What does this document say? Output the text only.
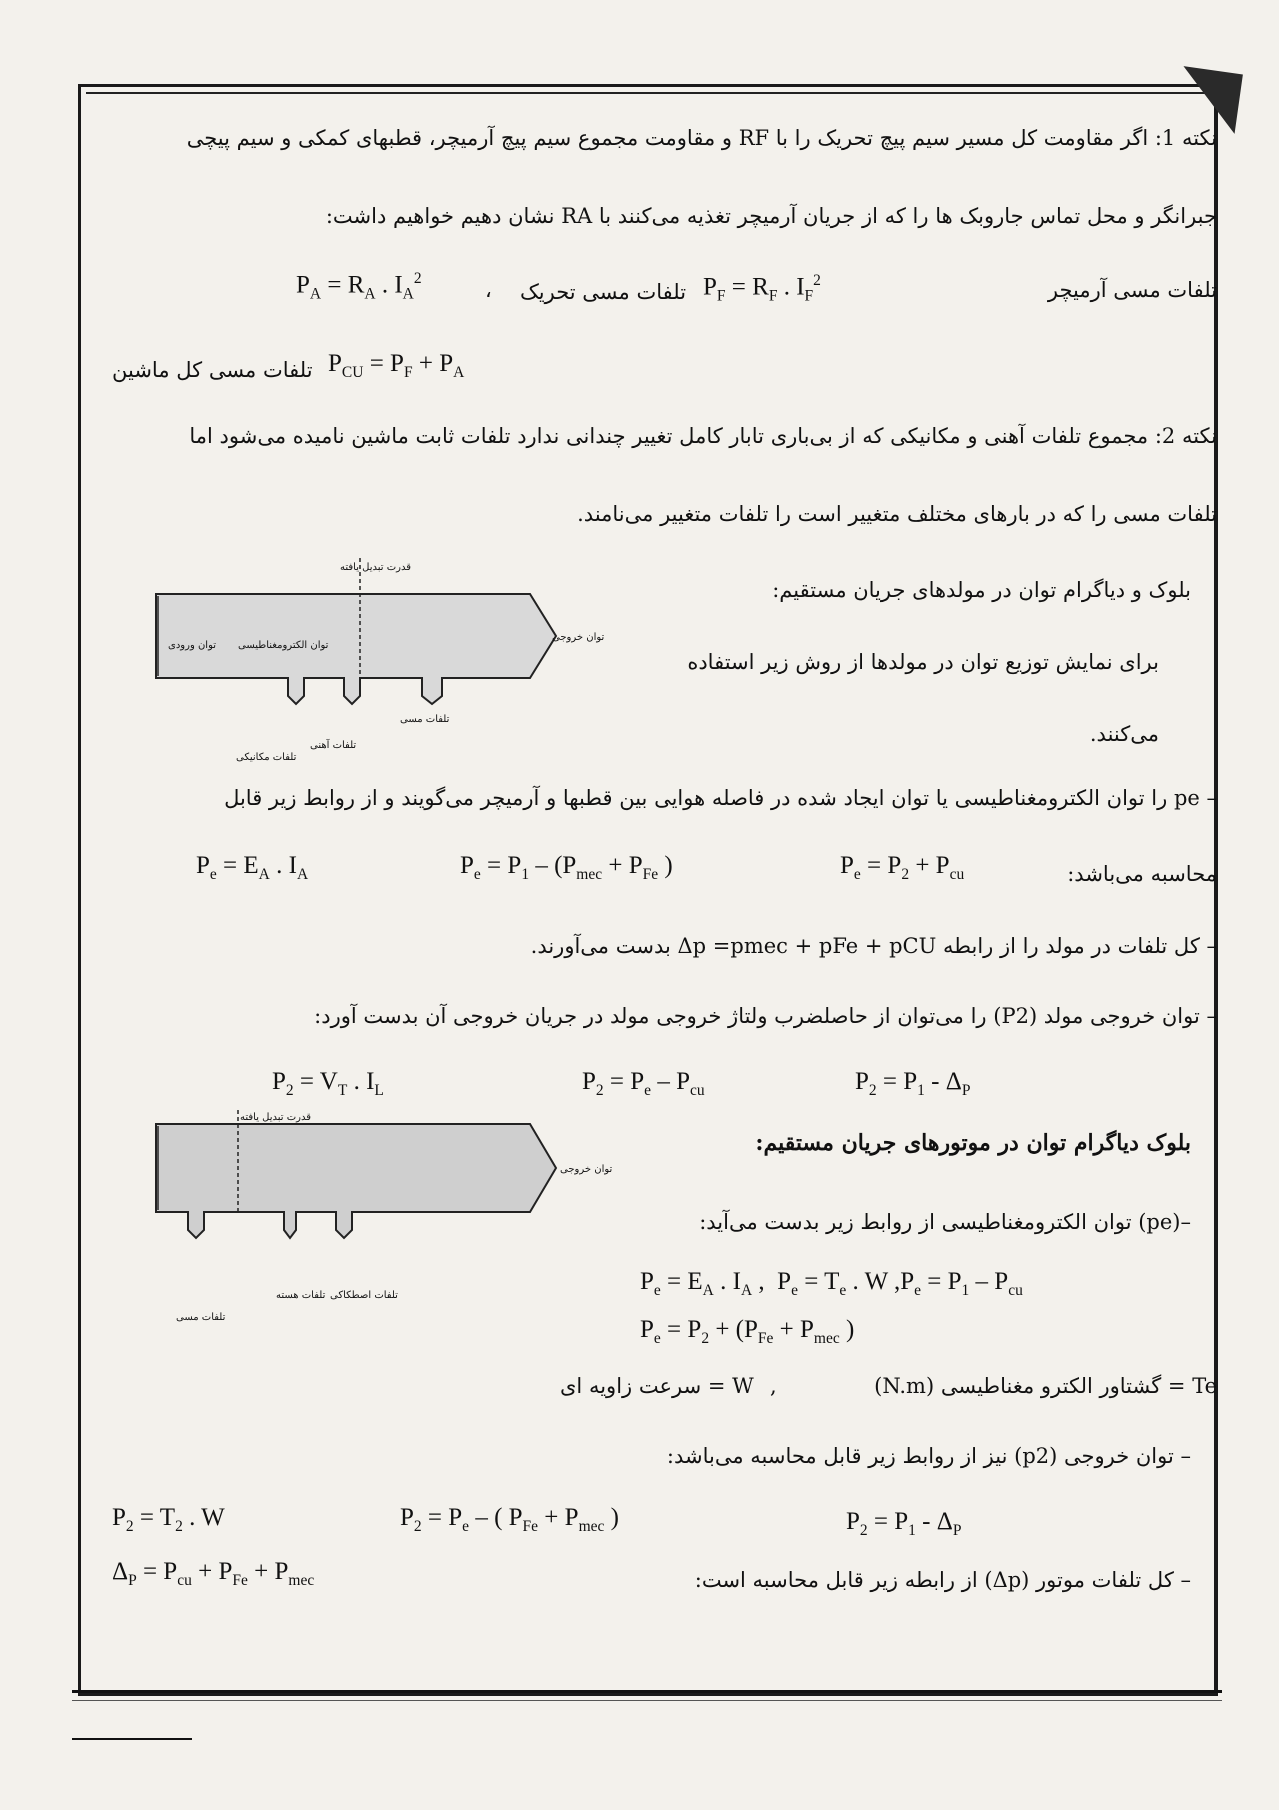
نکته 1: اگر مقاومت کل مسیر سیم پیچ تحریک را با RF و مقاومت مجموع سیم پیچ آرمیچر، قطبهای کمکی و سیم پیچی
جبرانگر و محل تماس جاروبک ها را که از جریان آرمیچر تغذیه می‌کنند با RA نشان دهیم خواهیم داشت:
تلفات مسی آرمیچر
$P_A = R_A$ . $I_A^2$	، تلفات مسی تحریک $P_F = R_F$ . $I_F^2$
تلفات مسی کل ماشین $P_{CU} = P_F + P_A$
نکته 2: مجموع تلفات آهنی و مکانیکی که از بی‌باری تابار کامل تغییر چندانی ندارد تلفات ثابت ماشین نامیده می‌شود اما
تلفات مسی را که در بارهای مختلف متغییر است را تلفات متغییر می‌نامند.
قدرت تبدیل یافته
توان ورودی توان الکترومغناطیسی
توان خروجی
تلفات مسی
تلفات آهنی
تلفات مکانیکی
بلوک و دیاگرام توان در مولدهای جریان مستقیم:
برای نمایش توزیع توان در مولدها از روش زیر استفاده
می‌کنند.
– pe را توان الکترومغناطیسی یا توان ایجاد شده در فاصله هوایی بین قطبها و آرمیچر می‌گویند و از روابط زیر قابل
$P_e = E_A$ . $I_A$	$P_e = P_1 - (P_{mec} + P_{Fe}$ )	$P_e = P_2 + P_{cu}$	محاسبه می‌باشد:
– کل تلفات در مولد را از رابطه Δp =pmec + pFe + pCU بدست می‌آورند.
– توان خروجی مولد (P2) را می‌توان از حاصلضرب ولتاژ خروجی مولد در جریان خروجی آن بدست آورد:
$P_2 = V_T$ . $I_L$	$P_2 = P_e - P_{cu}$	$P_2 = P_1 - \Delta_P$
قدرت تبدیل یافته
توان خروجی
تلفات مسی
تلفات هسته تلفات اصطکاکی
بلوک دیاگرام توان در موتورهای جریان مستقیم:
–(pe) توان الکترومغناطیسی از روابط زیر بدست می‌آید:
$P_e = E_A$ . $I_A$ ,  $P_e = T_e$ . W $,P_e = P_1 - P_{cu}$
$P_e = P_2 + (P_{Fe} + P_{mec}$ )
W = سرعت زاویه ای ,	Te = گشتاور الکترو مغناطیسی (N.m)
– توان خروجی (p2) نیز از روابط زیر قابل محاسبه می‌باشد:
$P_2 = T_2$ . W	$P_2 = P_e$ – ( $P_{Fe} + P_{mec}$ )	$P_2 = P_1 - \Delta_P$
$\Delta_P = P_{cu} + P_{Fe} + P_{mec}$	– کل تلفات موتور (Δp) از رابطه زیر قابل محاسبه است:
